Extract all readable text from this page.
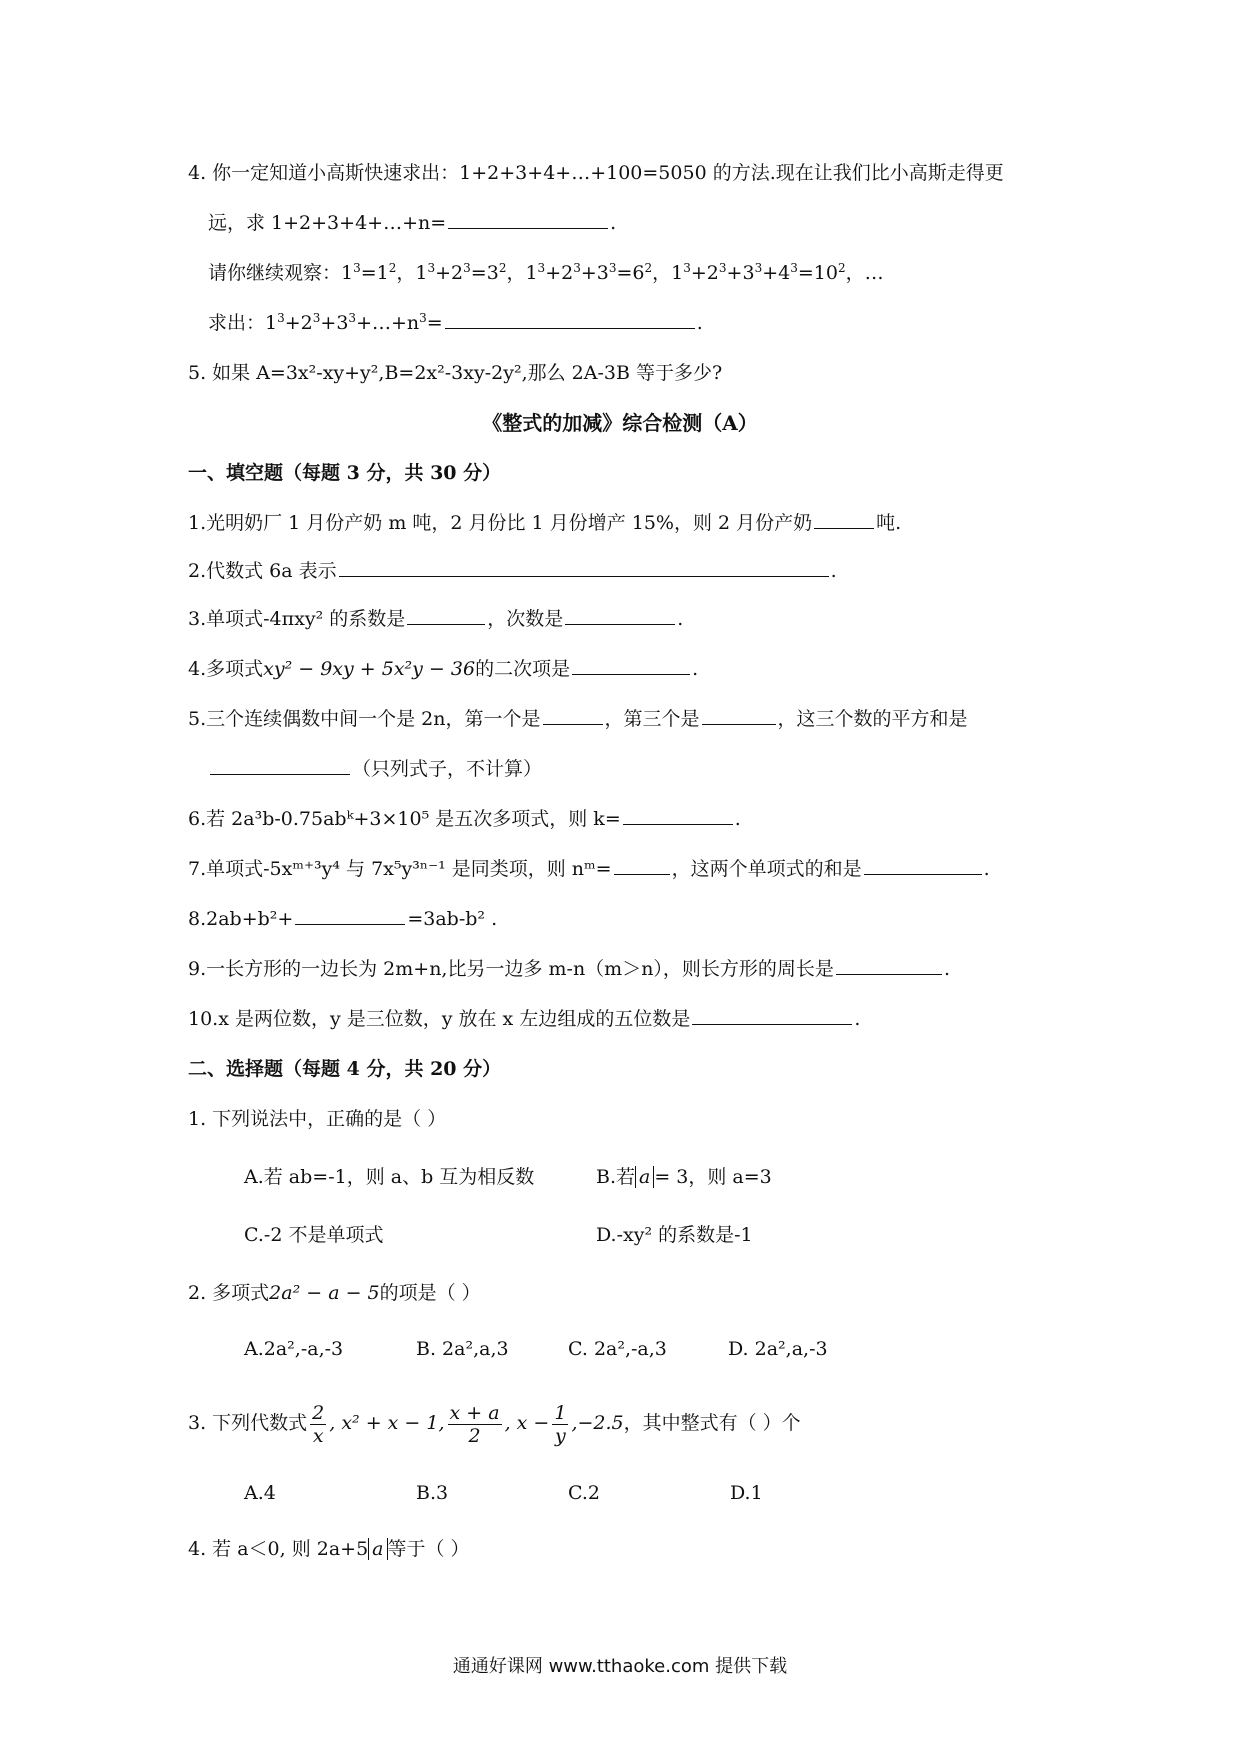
4. 你一定知道小高斯快速求出：1+2+3+4+…+100=5050 的方法.现在让我们比小高斯走得更
远，求 1+2+3+4+…+n=	.
请你继续观察：$1^3=1^2$，$1^3+2^3=3^2$，$1^3+2^3+3^3=6^2$，$1^3+2^3+3^3+4^3=10^2$，…
求出：$1^3+2^3+3^3+\dots+n^3=$	.
5. 如果 A=3x²-xy+y²,B=2x²-3xy-2y²,那么 2A-3B 等于多少?
《整式的加减》综合检测（A）
一、填空题（每题 3 分，共 30 分）
1.光明奶厂 1 月份产奶 m 吨，2 月份比 1 月份增产 15%，则 2 月份产奶	吨.
2.代数式 6a 表示	.
3.单项式-4πxy² 的系数是	，次数是	.
4.多项式xy² − 9xy + 5x²y − 36的二次项是	.
5.三个连续偶数中间一个是 2n，第一个是	，第三个是	，这三个数的平方和是
（只列式子，不计算）
6.若 2a³b-0.75abᵏ+3×10⁵ 是五次多项式，则 k=	.
7.单项式-5xᵐ⁺³y⁴ 与 7x⁵y³ⁿ⁻¹ 是同类项，则 nᵐ=	，这两个单项式的和是	.
8.2ab+b²+	=3ab-b² .
9.一长方形的一边长为 2m+n,比另一边多 m-n（m＞n），则长方形的周长是	.
10.x 是两位数，y 是三位数，y 放在 x 左边组成的五位数是	.
二、选择题（每题 4 分，共 20 分）
1. 下列说法中，正确的是（ ）
A.若 ab=-1，则 a、b 互为相反数	B.若 a = 3，则 a=3
C.-2 不是单项式	D.-xy² 的系数是-1
2. 多项式2a² − a − 5的项是（ ）
A.2a²,-a,-3	B. 2a²,a,3	C. 2a²,-a,3	D. 2a²,a,-3
3. 下列代数式 $\frac{2}{x}$ , x² + x − 1, $\frac{x + a}{2}$ , $x - \frac{1}{y} ,-2.5$，其中整式有（ ）个
A.4	B.3	C.2	D.1
4. 若 a＜0, 则 2a+5 a 等于（ ）
通通好课网 www.tthaoke.com 提供下载
